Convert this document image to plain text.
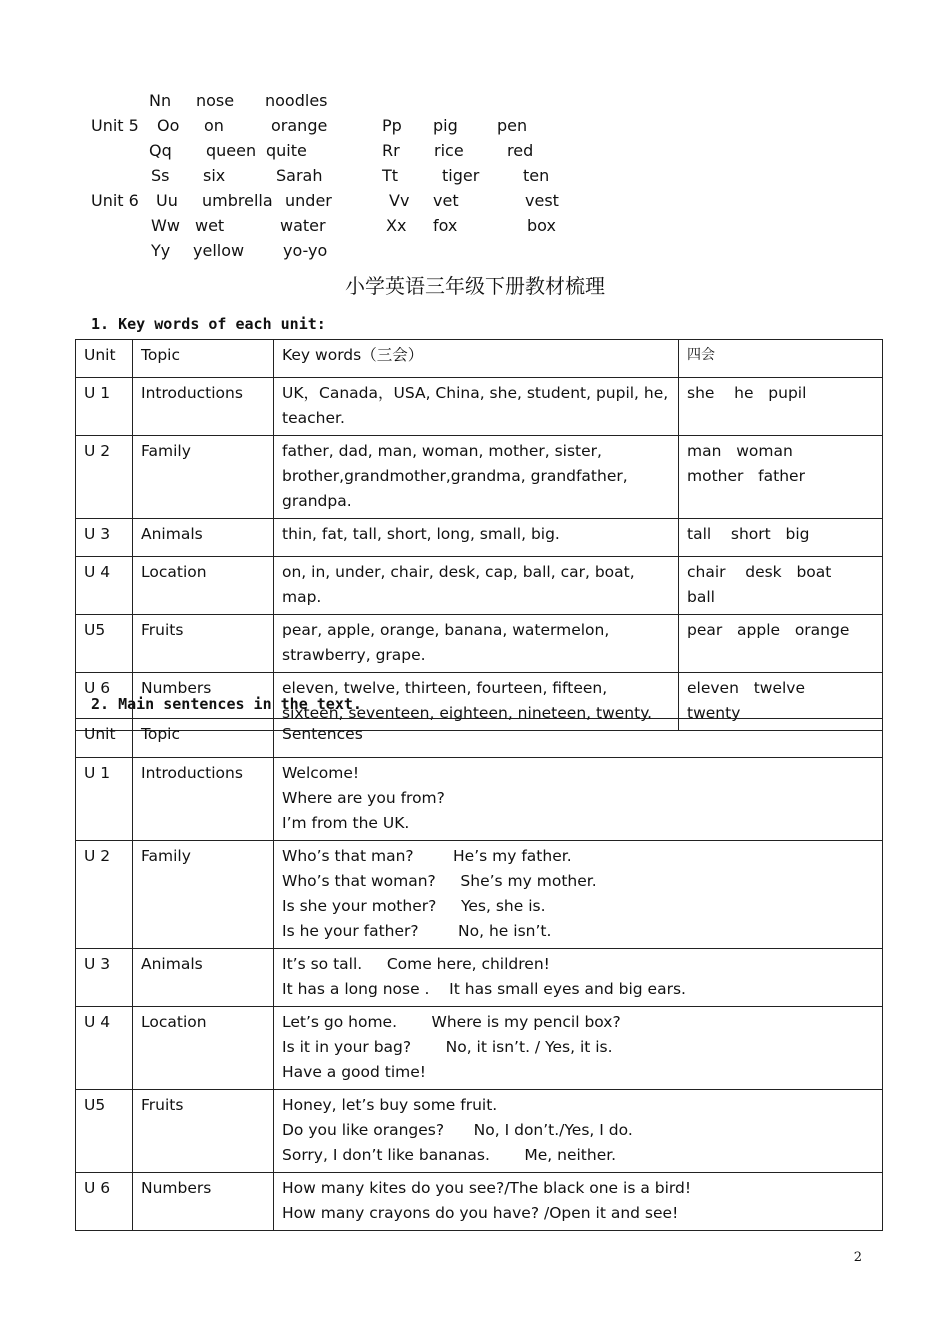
Nn nose noodles
Unit 5 Oo on	orange	Pp pig pen
Qq queen quite	Rr rice	red
Ss six	Sarah	Tt	tiger	ten
Unit 6 Uu umbrella under	Vv vet	vest
Ww wet	water	Xx fox	box
Yy yellow yo-yo
小学英语三年级下册教材梳理
1. Key words of each unit:
Unit	Topic	Key words（三会）	四会
U 1	Introductions	UK，Canada，USA, China, she, student, pupil, he, teacher.	she    he   pupil
U 2	Family	father, dad, man, woman, mother, sister, brother,grandmother,grandma, grandfather, grandpa.	man   woman
mother   father
U 3	Animals	thin, fat, tall, short, long, small, big.	tall    short   big
U 4	Location	on, in, under, chair, desk, cap, ball, car, boat, map.	chair    desk   boat
ball
U5	Fruits	pear, apple, orange, banana, watermelon, strawberry, grape.	pear   apple   orange
U 6	Numbers	eleven, twelve, thirteen, fourteen, fifteen, sixteen, seventeen, eighteen, nineteen, twenty.	eleven   twelve
twenty
2. Main sentences in the text.
Unit	Topic	Sentences
U 1	Introductions	Welcome!
Where are you from?
I’m from the UK.
U 2	Family	Who’s that man?        He’s my father.
Who’s that woman?     She’s my mother.
Is she your mother?     Yes, she is.
Is he your father?        No, he isn’t.
U 3	Animals	It’s so tall.     Come here, children!
It has a long nose .    It has small eyes and big ears.
U 4	Location	Let’s go home.       Where is my pencil box?
Is it in your bag?       No, it isn’t. / Yes, it is.
Have a good time!
U5	Fruits	Honey, let’s buy some fruit.
Do you like oranges?      No, I don’t./Yes, I do.
Sorry, I don’t like bananas.       Me, neither.
U 6	Numbers	How many kites do you see?/The black one is a bird!
How many crayons do you have? /Open it and see!
2
